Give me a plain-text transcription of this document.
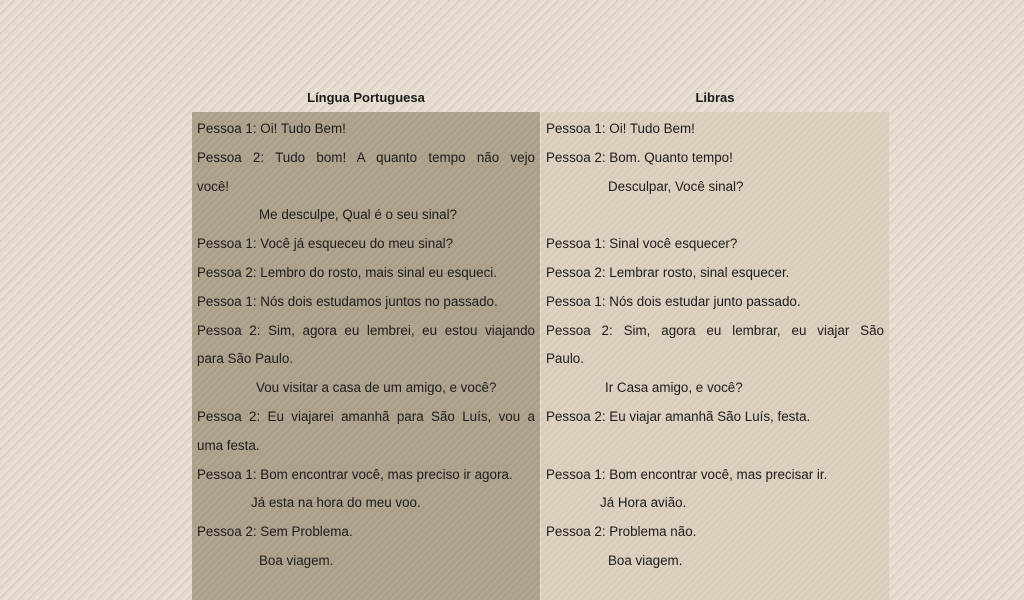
Língua Portuguesa	Libras
Pessoa 1: Oi! Tudo Bem!
Pessoa 2: Tudo bom! A quanto tempo não vejo
você!
Me desculpe, Qual é o seu sinal?
Pessoa 1: Você já esqueceu do meu sinal?
Pessoa 2: Lembro do rosto, mais sinal eu esqueci.
Pessoa 1: Nós dois estudamos juntos no passado.
Pessoa 2: Sim, agora eu lembrei, eu estou viajando
para São Paulo.
Vou visitar a casa de um amigo, e você?
Pessoa 2: Eu viajarei amanhã para São Luís, vou a
uma festa.
Pessoa 1: Bom encontrar você, mas preciso ir agora.
Já esta na hora do meu voo.
Pessoa 2: Sem Problema.
Boa viagem.
Pessoa 1: Oi! Tudo Bem!
Pessoa 2: Bom. Quanto tempo!
Desculpar, Você sinal?
Pessoa 1: Sinal você esquecer?
Pessoa 2: Lembrar rosto, sinal esquecer.
Pessoa 1: Nós dois estudar junto passado.
Pessoa 2: Sim, agora eu lembrar, eu viajar São
Paulo.
Ir Casa amigo, e você?
Pessoa 2: Eu viajar amanhã São Luís, festa.
Pessoa 1: Bom encontrar você, mas precisar ir.
Já Hora avião.
Pessoa 2: Problema não.
Boa viagem.
